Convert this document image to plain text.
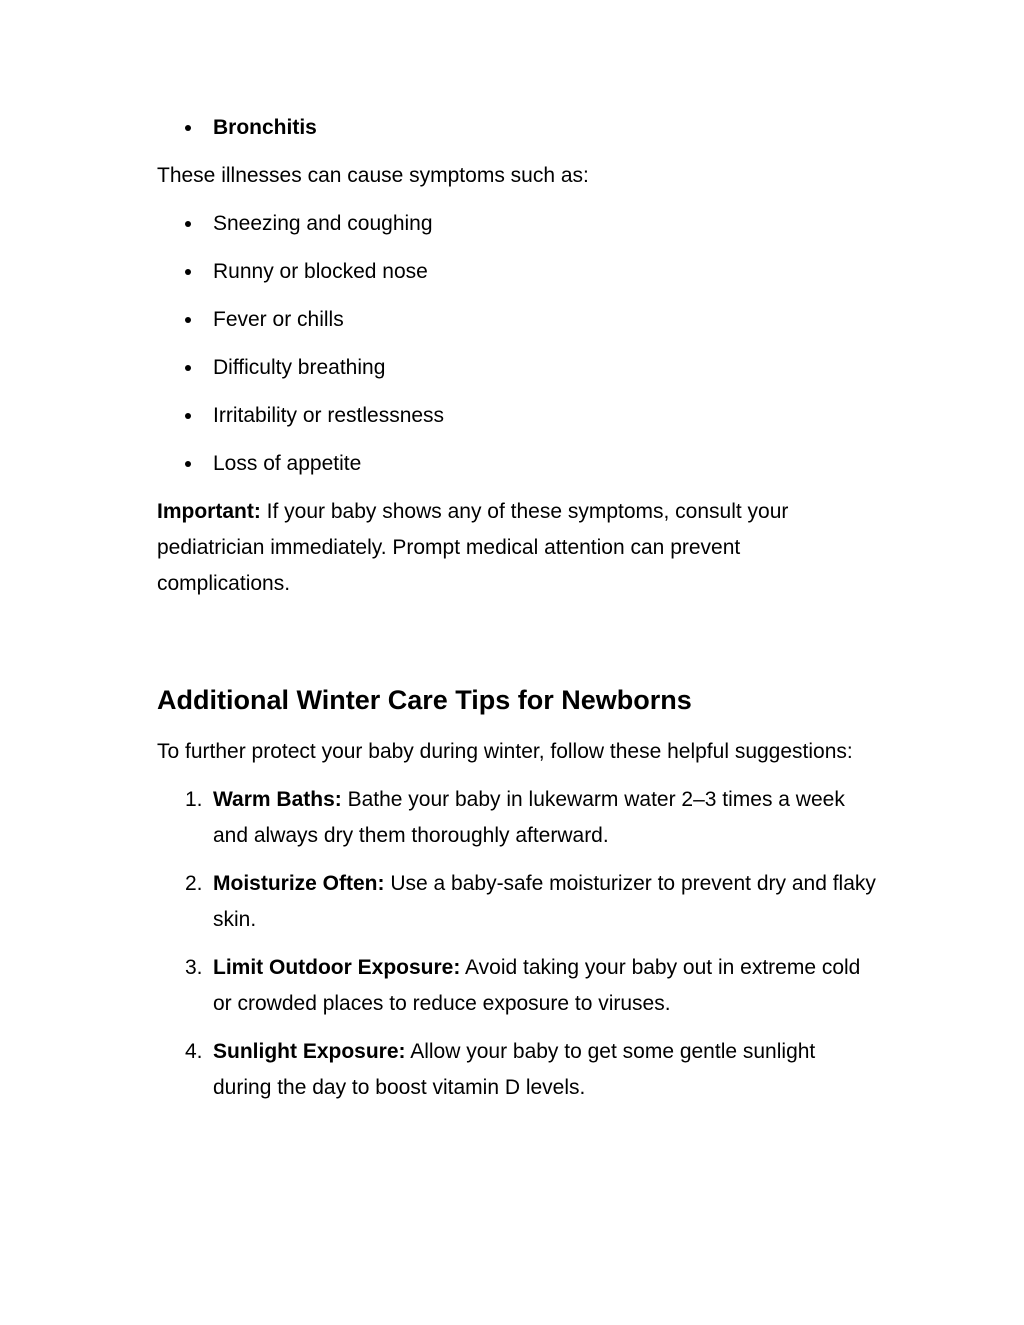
Bronchitis

These illnesses can cause symptoms such as:

Sneezing and coughing
Runny or blocked nose
Fever or chills
Difficulty breathing
Irritability or restlessness
Loss of appetite

Important: If your baby shows any of these symptoms, consult your pediatrician immediately. Prompt medical attention can prevent complications.

Additional Winter Care Tips for Newborns

To further protect your baby during winter, follow these helpful suggestions:

1. Warm Baths: Bathe your baby in lukewarm water 2–3 times a week and always dry them thoroughly afterward.
2. Moisturize Often: Use a baby-safe moisturizer to prevent dry and flaky skin.
3. Limit Outdoor Exposure: Avoid taking your baby out in extreme cold or crowded places to reduce exposure to viruses.
4. Sunlight Exposure: Allow your baby to get some gentle sunlight during the day to boost vitamin D levels.
